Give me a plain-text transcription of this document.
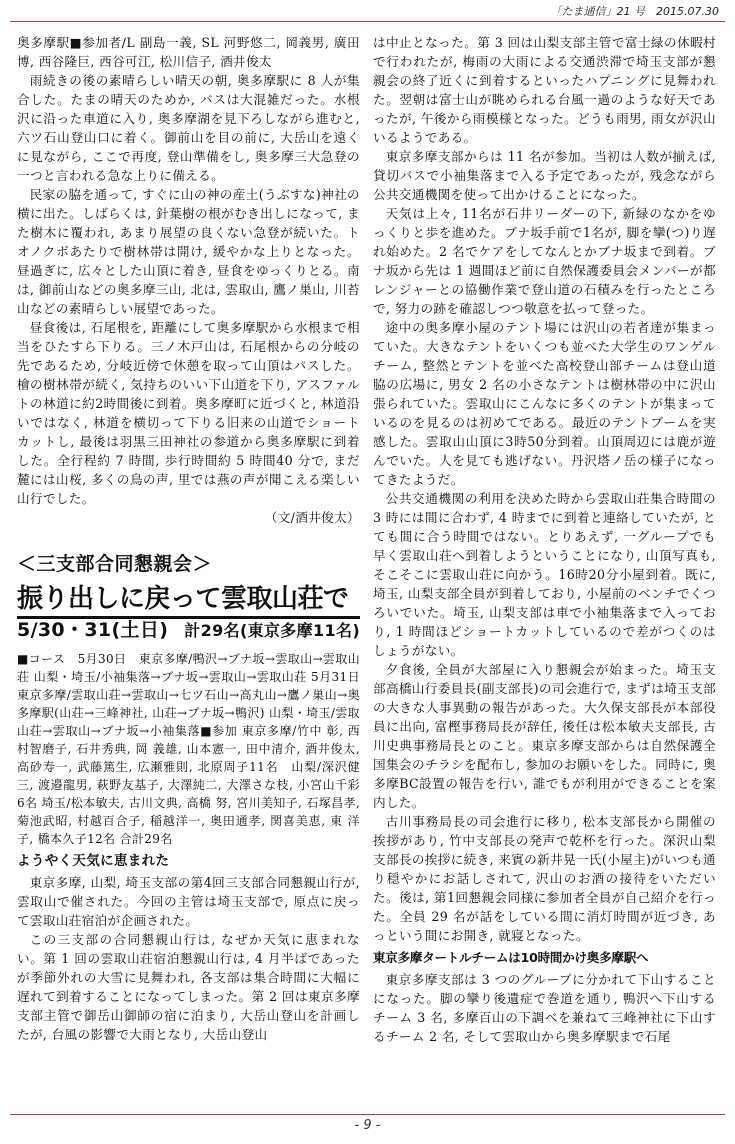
「たま通信」21 号　2015.07.30

奥多摩駅■参加者/L 副島一義, SL 河野悠二, 岡義男, 廣田博, 西谷隆巨, 西谷可江, 松川信子, 酒井俊太

雨続きの後の素晴らしい晴天の朝, 奥多摩駅に 8 人が集合した。たまの晴天のためか, バスは大混雑だった。水根沢に沿った車道に入り, 奥多摩湖を見下ろしながら進むと, 六ツ石山登山口に着く。御前山を目の前に, 大岳山を遠くに見ながら, ここで再度, 登山準備をし, 奥多摩三大急登の一つと言われる急な上りに備える。

民家の脇を通って, すぐに山の神の産土(うぶすな)神社の横に出た。しばらくは, 針葉樹の根がむき出しになって, また樹木に覆われ, あまり展望の良くない急登が続いた。トオノクボあたりで樹林帯は開け, 緩やかな上りとなった。昼過ぎに, 広々とした山頂に着き, 昼食をゆっくりとる。南は, 御前山などの奥多摩三山, 北は, 雲取山, 鷹ノ巣山, 川苔山などの素晴らしい展望であった。

昼食後は, 石尾根を, 距離にして奥多摩駅から水根まで相当をひたすら下りる。三ノ木戸山は, 石尾根からの分岐の先であるため, 分岐近傍で休憩を取って山頂はパスした。檜の樹林帯が続く, 気持ちのいい下山道を下り, アスファルトの林道に約2時間後に到着。奥多摩町に近づくと, 林道沿いではなく, 林道を横切って下りる旧来の山道でショートカットし, 最後は羽黒三田神社の参道から奥多摩駅に到着した。全行程約 7 時間, 歩行時間約 5 時間40 分で, まだ麓には山桜, 多くの鳥の声, 里では燕の声が聞こえる楽しい山行でした。

（文/酒井俊太）

＜三支部合同懇親会＞
振り出しに戻って雲取山荘で
5/30・31(土日) 計29名(東京多摩11名)

■コース　5月30日　東京多摩/鴨沢→ブナ坂→雲取山→雲取山荘 山梨・埼玉/小袖集落→ブナ坂→雲取山→雲取山荘 5月31日　東京多摩/雲取山荘→雲取山→七ツ石山→高丸山→鷹ノ巣山→奥多摩駅(山荘→三峰神社, 山荘→ブナ坂→鴨沢) 山梨・埼玉/雲取山荘→雲取山→ブナ坂→小袖集落■参加 東京多摩/竹中 彰, 西村智磨子, 石井秀典, 岡 義雄, 山本憲一, 田中清介, 酒井俊太, 高砂寿一, 武藤篤生, 広瀬雅則, 北原周子11名　山梨/深沢健三, 渡邉龍男, 萩野友基子, 大澤純二, 大澤さな枝, 小宮山千彩 6名 埼玉/松本敏夫, 古川文典, 高橋 努, 宮川美知子, 石塚昌孝, 菊池武昭, 村越百合子, 稲越洋一, 奥田通孝, 関喜美恵, 東 洋子, 橋本久子12名 合計29名

ようやく天気に恵まれた

東京多摩, 山梨, 埼玉支部の第4回三支部合同懇親山行が, 雲取山で催された。今回の主管は埼玉支部で, 原点に戻って雲取山荘宿泊が企画された。

この三支部の合同懇親山行は, なぜか天気に恵まれない。第 1 回の雲取山荘宿泊懇親山行は, 4 月半ばであったが季節外れの大雪に見舞われ, 各支部は集合時間に大幅に遅れて到着することになってしまった。第 2 回は東京多摩支部主管で御岳山御師の宿に泊まり, 大岳山登山を計画したが, 台風の影響で大雨となり, 大岳山登山

は中止となった。第 3 回は山梨支部主管で富士緑の休暇村で行われたが, 梅雨の大雨による交通渋滞で埼玉支部が懇親会の終了近くに到着するといったハプニングに見舞われた。翌朝は富士山が眺められる台風一過のような好天であったが, 午後から雨模様となった。どうも雨男, 雨女が沢山いるようである。

東京多摩支部からは 11 名が参加。当初は人数が揃えば, 貸切バスで小袖集落まで入る予定であったが, 残念ながら公共交通機関を使って出かけることになった。

天気は上々, 11名が石井リーダーの下, 新緑のなかをゆっくりと歩を進めた。ブナ坂手前で1名が, 脚を攣(つ)り遅れ始めた。2 名でケアをしてなんとかブナ坂まで到着。ブナ坂から先は 1 週間ほど前に自然保護委員会メンバーが都レンジャーとの協働作業で登山道の石積みを行ったところで, 努力の跡を確認しつつ敬意を払って登った。

途中の奥多摩小屋のテント場には沢山の若者達が集まっていた。大きなテントをいくつも並べた大学生のワンゲルチーム, 整然とテントを並べた高校登山部チームは登山道脇の広場に, 男女 2 名の小さなテントは樹林帯の中に沢山張られていた。雲取山にこんなに多くのテントが集まっているのを見るのは初めてである。最近のテントブームを実感した。雲取山山頂に3時50分到着。山頂周辺には鹿が遊んでいた。人を見ても逃げない。丹沢塔ノ岳の様子になってきたようだ。

公共交通機関の利用を決めた時から雲取山荘集合時間の 3 時には間に合わず, 4 時までに到着と連絡していたが, とても間に合う時間ではない。とりあえず, 一グループでも早く雲取山荘へ到着しようということになり, 山頂写真も, そこそこに雲取山荘に向かう。16時20分小屋到着。既に, 埼玉, 山梨支部全員が到着しており, 小屋前のベンチでくつろいでいた。埼玉, 山梨支部は車で小袖集落まで入っており, 1 時間ほどショートカットしているので差がつくのはしょうがない。

夕食後, 全員が大部屋に入り懇親会が始まった。埼玉支部高橋山行委員長(副支部長)の司会進行で, まずは埼玉支部の大きな人事異動の報告があった。大久保支部長が本部役員に出向, 富樫事務局長が辞任, 後任は松本敏夫支部長, 古川史典事務局長とのこと。東京多摩支部からは自然保護全国集会のチラシを配布し, 参加のお願いをした。同時に, 奥多摩BC設置の報告を行い, 誰でもが利用ができることを案内した。

古川事務局長の司会進行に移り, 松本支部長から開催の挨拶があり, 竹中支部長の発声で乾杯を行った。深沢山梨支部長の挨拶に続き, 来賓の新井晃一氏(小屋主)がいつも通り穏やかにお話しされて, 沢山のお酒の接待をいただいた。後は, 第1回懇親会同様に参加者全員が自己紹介を行った。全員 29 名が話をしている間に消灯時間が近づき, あっという間にお開き, 就寝となった。

東京多摩タートルチームは10時間かけ奥多摩駅へ

東京多摩支部は 3 つのグループに分かれて下山することになった。脚の攣り後遺症で巻道を通り, 鴨沢へ下山するチーム 3 名, 多摩百山の下調べを兼ねて三峰神社に下山するチーム 2 名, そして雲取山から奥多摩駅まで石尾

- 9 -
